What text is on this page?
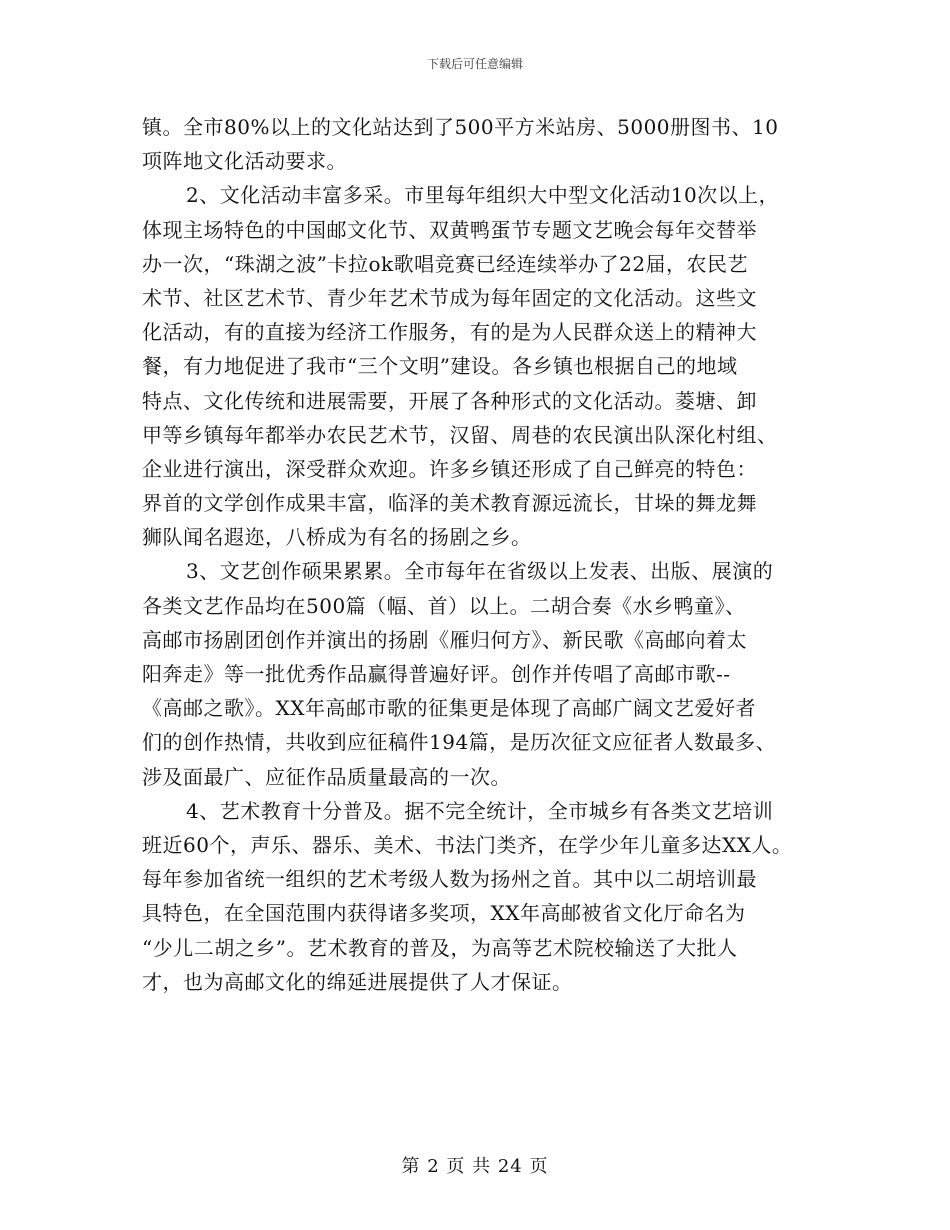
下载后可任意编辑
镇。全市80%以上的文化站达到了500平方米站房、5000册图书、10
项阵地文化活动要求。
2、文化活动丰富多采。市里每年组织大中型文化活动10次以上，
体现主场特色的中国邮文化节、双黄鸭蛋节专题文艺晚会每年交替举
办一次，“珠湖之波”卡拉ok歌唱竞赛已经连续举办了22届，农民艺
术节、社区艺术节、青少年艺术节成为每年固定的文化活动。这些文
化活动，有的直接为经济工作服务，有的是为人民群众送上的精神大
餐，有力地促进了我市“三个文明”建设。各乡镇也根据自己的地域
特点、文化传统和进展需要，开展了各种形式的文化活动。菱塘、卸
甲等乡镇每年都举办农民艺术节，汉留、周巷的农民演出队深化村组、
企业进行演出，深受群众欢迎。许多乡镇还形成了自己鲜亮的特色：
界首的文学创作成果丰富，临泽的美术教育源远流长，甘垛的舞龙舞
狮队闻名遐迩，八桥成为有名的扬剧之乡。
3、文艺创作硕果累累。全市每年在省级以上发表、出版、展演的
各类文艺作品均在500篇（幅、首）以上。二胡合奏《水乡鸭童》、
高邮市扬剧团创作并演出的扬剧《雁归何方》、新民歌《高邮向着太
阳奔走》等一批优秀作品赢得普遍好评。创作并传唱了高邮市歌--
《高邮之歌》。XX年高邮市歌的征集更是体现了高邮广阔文艺爱好者
们的创作热情，共收到应征稿件194篇，是历次征文应征者人数最多、
涉及面最广、应征作品质量最高的一次。
4、艺术教育十分普及。据不完全统计，全市城乡有各类文艺培训
班近60个，声乐、器乐、美术、书法门类齐，在学少年儿童多达XX人。
每年参加省统一组织的艺术考级人数为扬州之首。其中以二胡培训最
具特色，在全国范围内获得诸多奖项，XX年高邮被省文化厅命名为
“少儿二胡之乡”。艺术教育的普及，为高等艺术院校输送了大批人
才，也为高邮文化的绵延进展提供了人才保证。
第 2 页 共 24 页
